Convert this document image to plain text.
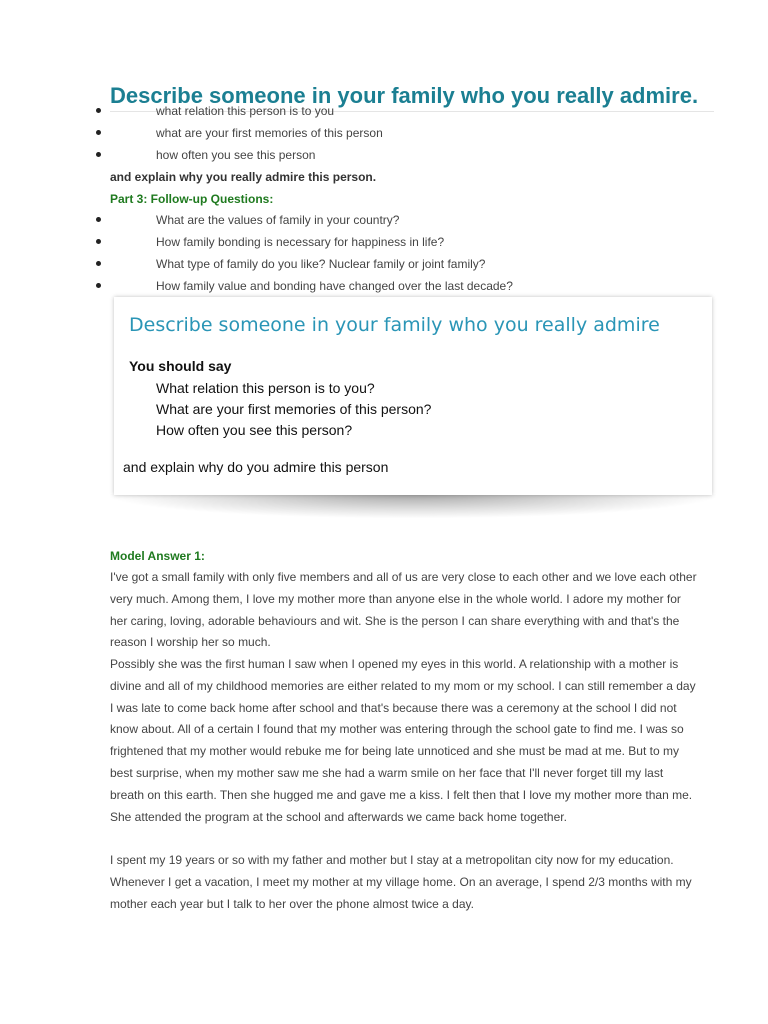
Describe someone in your family who you really admire.
what relation this person is to you
what are your first memories of this person
how often you see this person
and explain why you really admire this person.
Part 3: Follow-up Questions:
What are the values of family in your country?
How family bonding is necessary for happiness in life?
What type of family do you like? Nuclear family or joint family?
How family value and bonding have changed over the last decade?
Describe someone in your family who you really admire
You should say
What relation this person is to you?
What are your first memories of this person?
How often you see this person?
and explain why do you admire this person
Model Answer 1:
I've got a small family with only five members and all of us are very close to each other and we love each other
very much. Among them, I love my mother more than anyone else in the whole world. I adore my mother for
her caring, loving, adorable behaviours and wit. She is the person I can share everything with and that's the
reason I worship her so much.
Possibly she was the first human I saw when I opened my eyes in this world. A relationship with a mother is
divine and all of my childhood memories are either related to my mom or my school. I can still remember a day
I was late to come back home after school and that's because there was a ceremony at the school I did not
know about. All of a certain I found that my mother was entering through the school gate to find me. I was so
frightened that my mother would rebuke me for being late unnoticed and she must be mad at me. But to my
best surprise, when my mother saw me she had a warm smile on her face that I'll never forget till my last
breath on this earth. Then she hugged me and gave me a kiss. I felt then that I love my mother more than me.
She attended the program at the school and afterwards we came back home together.
I spent my 19 years or so with my father and mother but I stay at a metropolitan city now for my education.
Whenever I get a vacation, I meet my mother at my village home. On an average, I spend 2/3 months with my
mother each year but I talk to her over the phone almost twice a day.
